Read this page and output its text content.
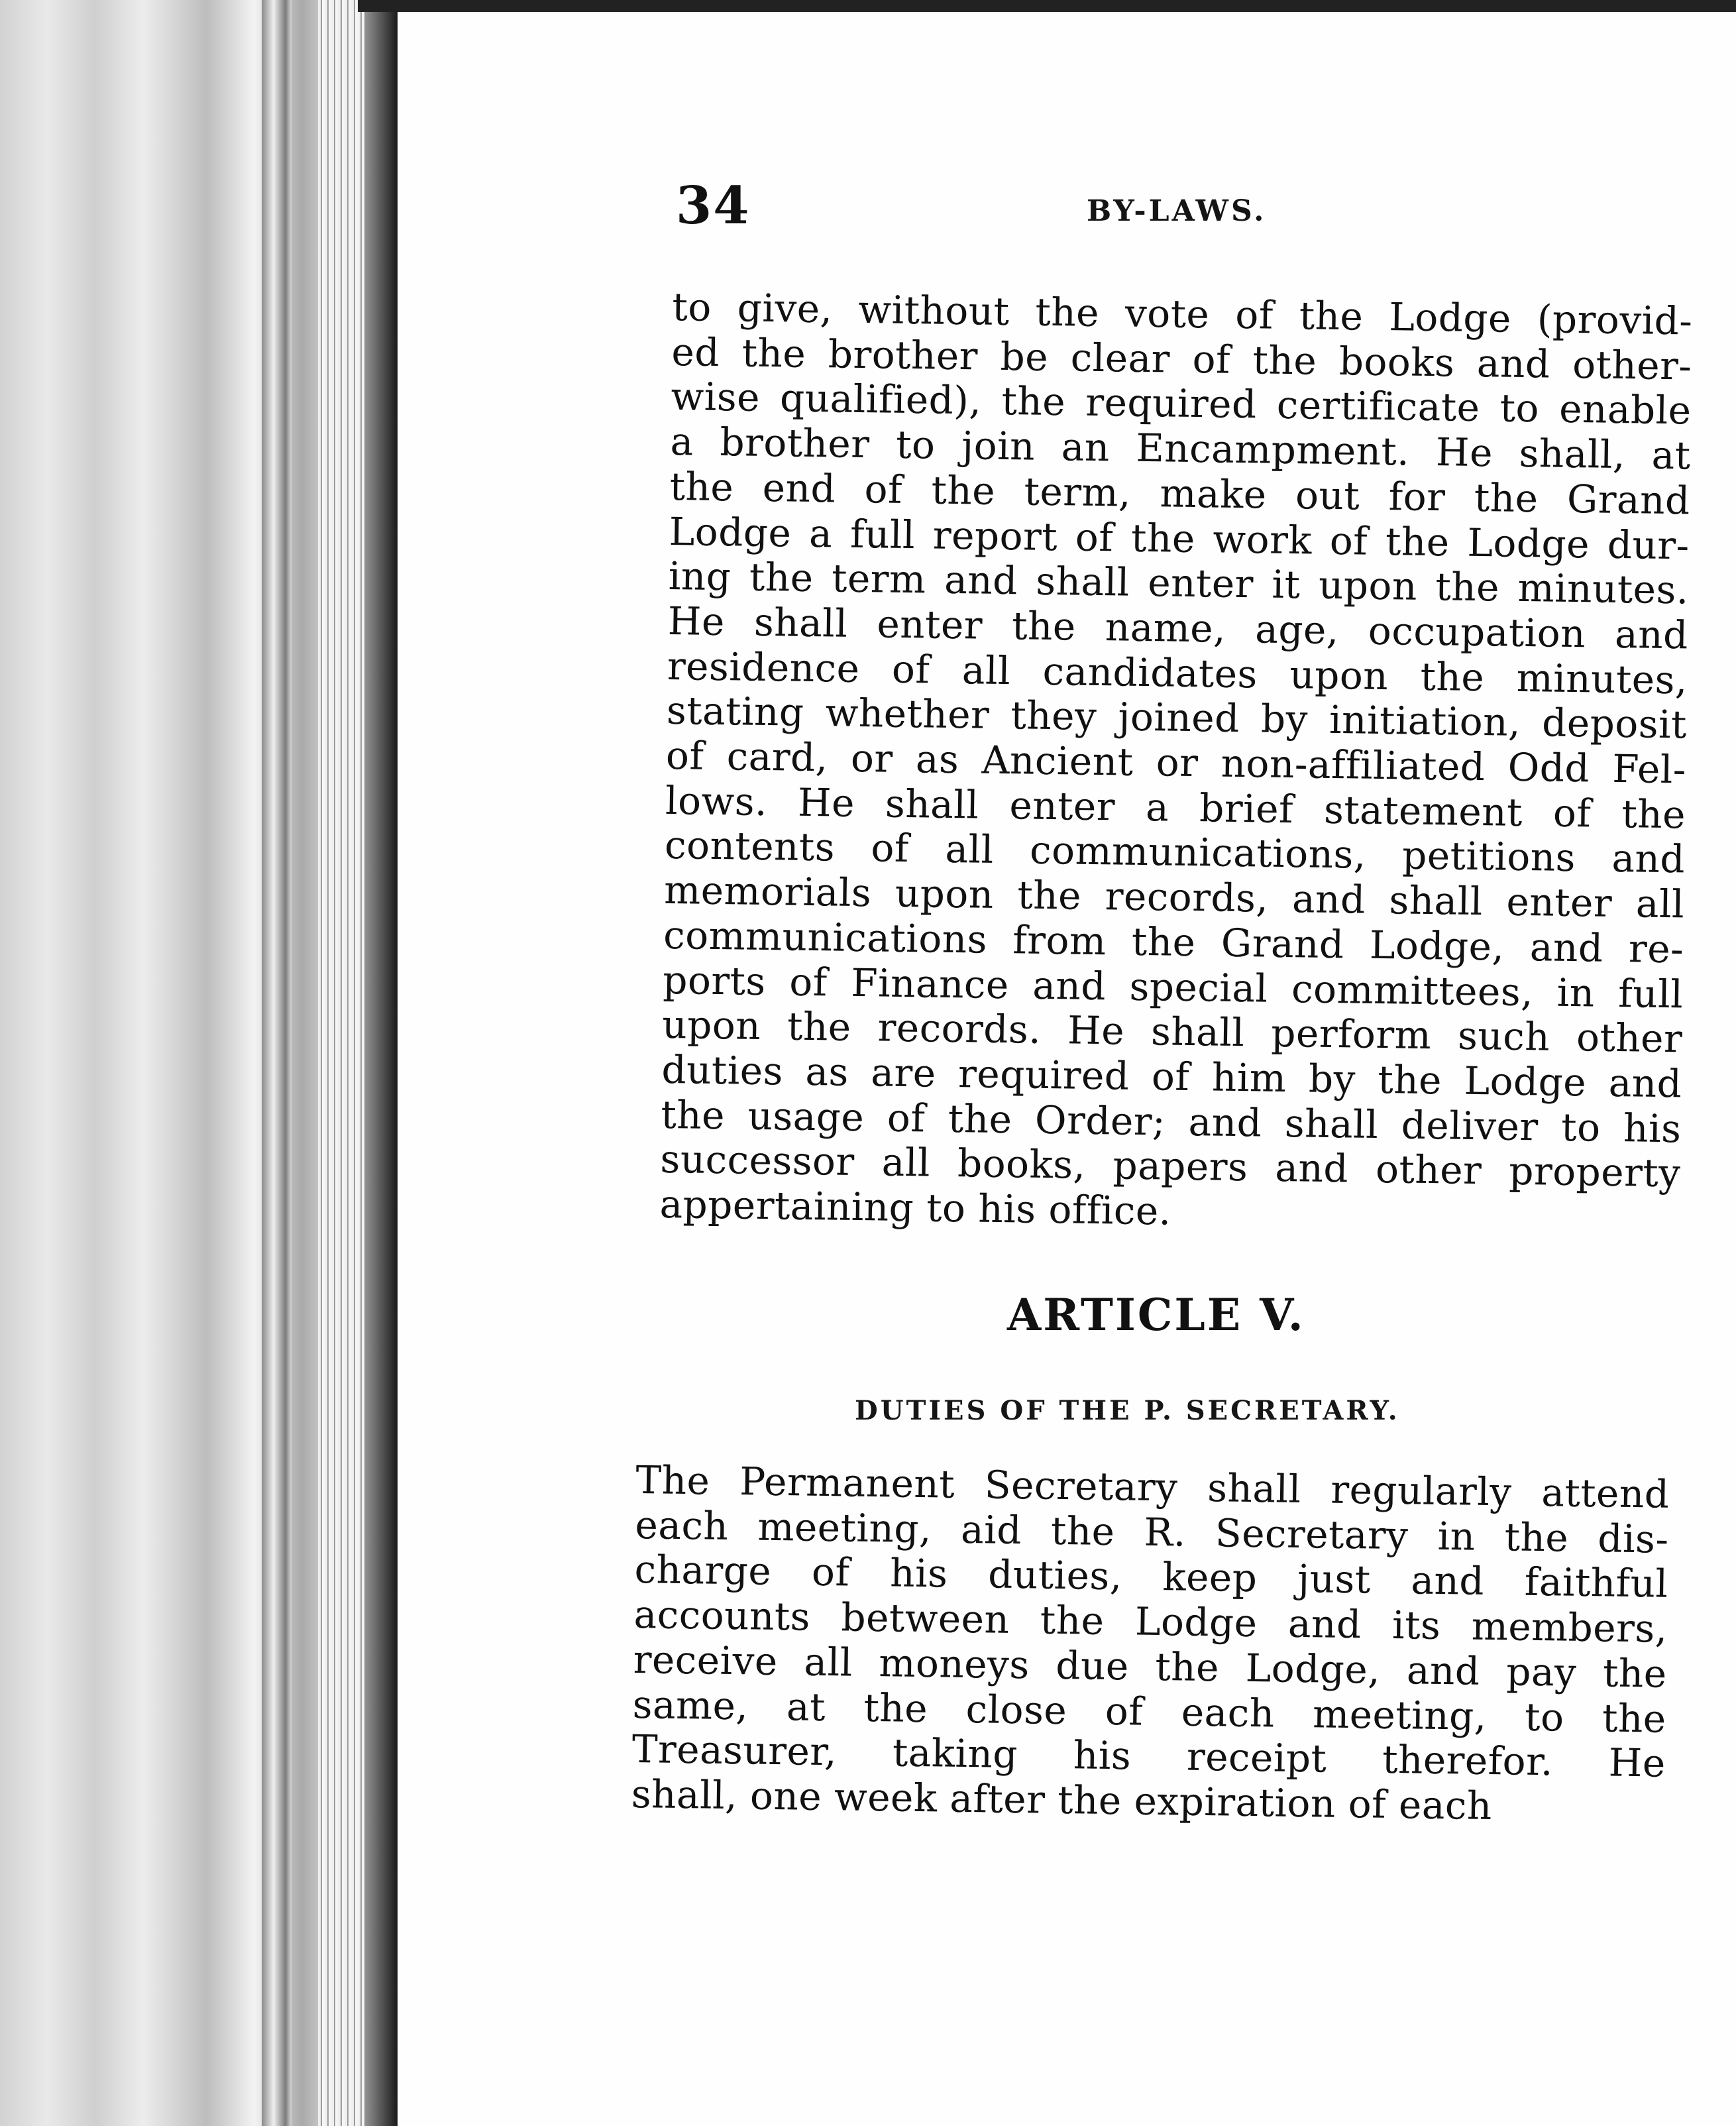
34	BY-LAWS.
to give, without the vote of the Lodge (provid-
ed the brother be clear of the books and other-
wise qualified), the required certificate to enable
a brother to join an Encampment. He shall, at
the end of the term, make out for the Grand
Lodge a full report of the work of the Lodge dur-
ing the term and shall enter it upon the minutes.
He shall enter the name, age, occupation and
residence of all candidates upon the minutes,
stating whether they joined by initiation, deposit
of card, or as Ancient or non-affiliated Odd Fel-
lows. He shall enter a brief statement of the
contents of all communications, petitions and
memorials upon the records, and shall enter all
communications from the Grand Lodge, and re-
ports of Finance and special committees, in full
upon the records. He shall perform such other
duties as are required of him by the Lodge and
the usage of the Order; and shall deliver to his
successor all books, papers and other property
appertaining to his office.
ARTICLE V.
DUTIES OF THE P. SECRETARY.
The Permanent Secretary shall regularly attend
each meeting, aid the R. Secretary in the dis-
charge of his duties, keep just and faithful
accounts between the Lodge and its members,
receive all moneys due the Lodge, and pay the
same, at the close of each meeting, to the
Treasurer, taking his receipt therefor. He
shall, one week after the expiration of each
